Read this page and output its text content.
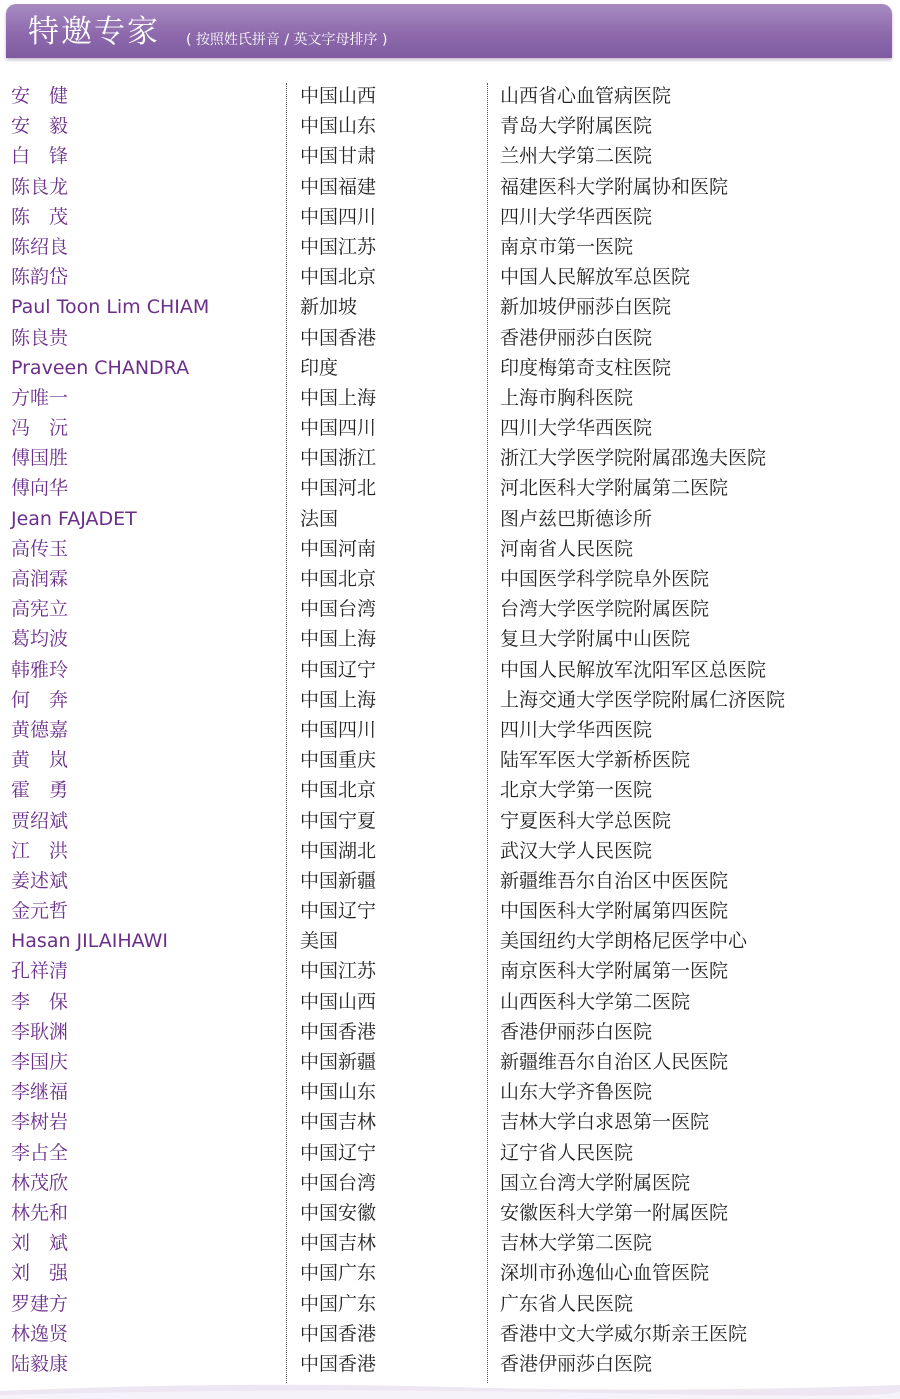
特邀专家 ( 按照姓氏拼音 / 英文字母排序 )
安　健	中国山西	山西省心血管病医院
安　毅	中国山东	青岛大学附属医院
白　锋	中国甘肃	兰州大学第二医院
陈良龙	中国福建	福建医科大学附属协和医院
陈　茂	中国四川	四川大学华西医院
陈绍良	中国江苏	南京市第一医院
陈韵岱	中国北京	中国人民解放军总医院
Paul Toon Lim CHIAM	新加坡	新加坡伊丽莎白医院
陈良贵	中国香港	香港伊丽莎白医院
Praveen CHANDRA	印度	印度梅第奇支柱医院
方唯一	中国上海	上海市胸科医院
冯　沅	中国四川	四川大学华西医院
傅国胜	中国浙江	浙江大学医学院附属邵逸夫医院
傅向华	中国河北	河北医科大学附属第二医院
Jean FAJADET	法国	图卢兹巴斯德诊所
高传玉	中国河南	河南省人民医院
高润霖	中国北京	中国医学科学院阜外医院
高宪立	中国台湾	台湾大学医学院附属医院
葛均波	中国上海	复旦大学附属中山医院
韩雅玲	中国辽宁	中国人民解放军沈阳军区总医院
何　奔	中国上海	上海交通大学医学院附属仁济医院
黄德嘉	中国四川	四川大学华西医院
黄　岚	中国重庆	陆军军医大学新桥医院
霍　勇	中国北京	北京大学第一医院
贾绍斌	中国宁夏	宁夏医科大学总医院
江　洪	中国湖北	武汉大学人民医院
姜述斌	中国新疆	新疆维吾尔自治区中医医院
金元哲	中国辽宁	中国医科大学附属第四医院
Hasan JILAIHAWI	美国	美国纽约大学朗格尼医学中心
孔祥清	中国江苏	南京医科大学附属第一医院
李　保	中国山西	山西医科大学第二医院
李耿渊	中国香港	香港伊丽莎白医院
李国庆	中国新疆	新疆维吾尔自治区人民医院
李继福	中国山东	山东大学齐鲁医院
李树岩	中国吉林	吉林大学白求恩第一医院
李占全	中国辽宁	辽宁省人民医院
林茂欣	中国台湾	国立台湾大学附属医院
林先和	中国安徽	安徽医科大学第一附属医院
刘　斌	中国吉林	吉林大学第二医院
刘　强	中国广东	深圳市孙逸仙心血管医院
罗建方	中国广东	广东省人民医院
林逸贤	中国香港	香港中文大学威尔斯亲王医院
陆毅康	中国香港	香港伊丽莎白医院
